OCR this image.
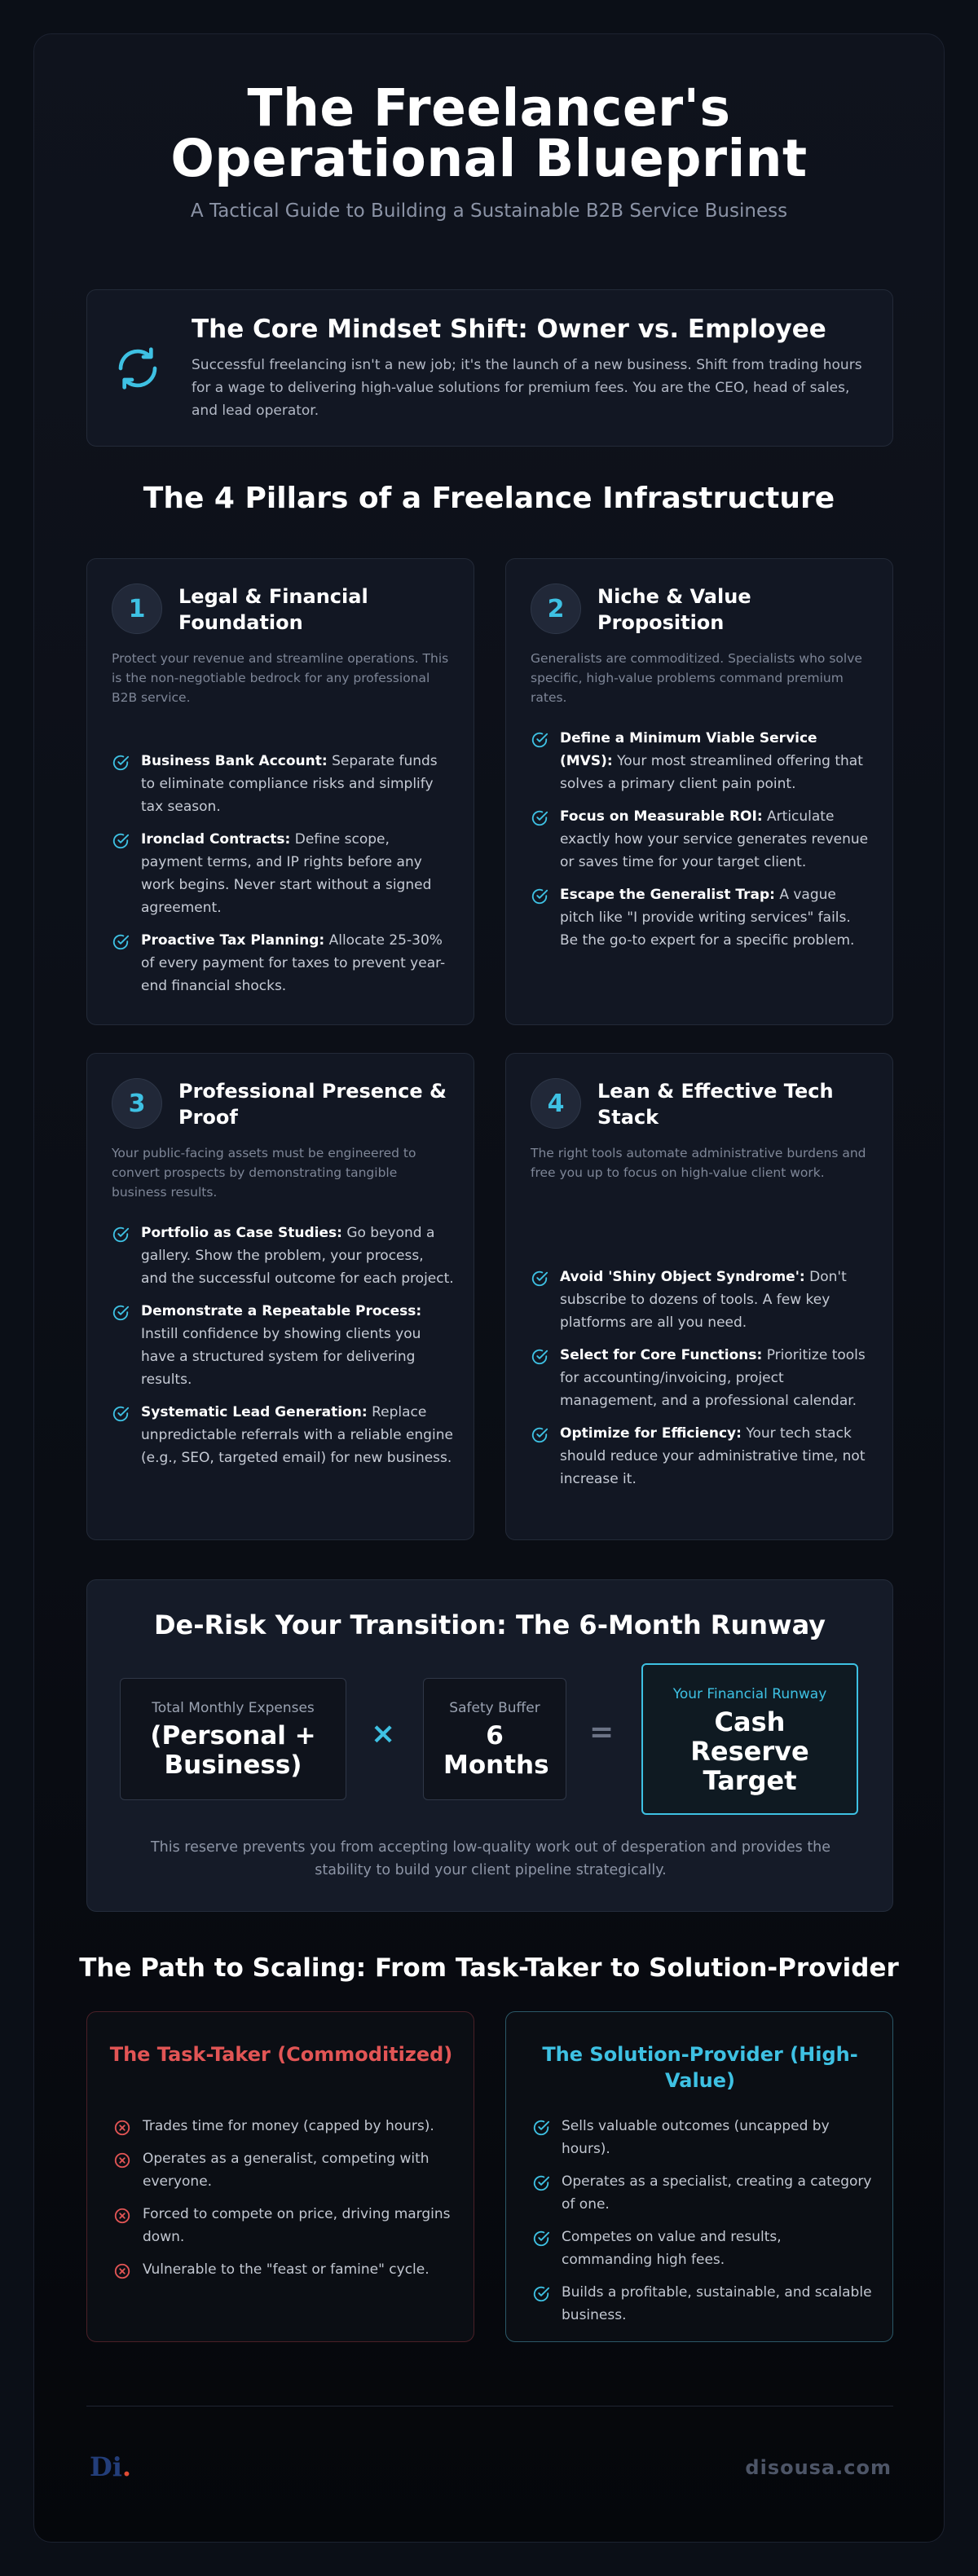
The Freelancer's Operational Blueprint
A Tactical Guide to Building a Sustainable B2B Service Business
The Core Mindset Shift: Owner vs. Employee

Successful freelancing isn't a new job; it's the launch of a new business. Shift from trading hours for a wage to delivering high-value solutions for premium fees. You are the CEO, head of sales, and lead operator.

The 4 Pillars of a Freelance Infrastructure
1	Legal & Financial Foundation
Protect your revenue and streamline operations. This is the non-negotiable bedrock for any professional B2B service.
Business Bank Account: Separate funds to eliminate compliance risks and simplify tax season.
Ironclad Contracts: Define scope, payment terms, and IP rights before any work begins. Never start without a signed agreement.
Proactive Tax Planning: Allocate 25-30% of every payment for taxes to prevent year-end financial shocks.
2	Niche & Value Proposition
Generalists are commoditized. Specialists who solve specific, high-value problems command premium rates.
Define a Minimum Viable Service (MVS): Your most streamlined offering that solves a primary client pain point.
Focus on Measurable ROI: Articulate exactly how your service generates revenue or saves time for your target client.
Escape the Generalist Trap: A vague pitch like "I provide writing services" fails. Be the go-to expert for a specific problem.
3	Professional Presence & Proof
Your public-facing assets must be engineered to convert prospects by demonstrating tangible business results.
Portfolio as Case Studies: Go beyond a gallery. Show the problem, your process, and the successful outcome for each project.
Demonstrate a Repeatable Process: Instill confidence by showing clients you have a structured system for delivering results.
Systematic Lead Generation: Replace unpredictable referrals with a reliable engine (e.g., SEO, targeted email) for new business.
4	Lean & Effective Tech Stack
The right tools automate administrative burdens and free you up to focus on high-value client work.
Avoid 'Shiny Object Syndrome': Don't subscribe to dozens of tools. A few key platforms are all you need.
Select for Core Functions: Prioritize tools for accounting/invoicing, project management, and a professional calendar.
Optimize for Efficiency: Your tech stack should reduce your administrative time, not increase it.
De-Risk Your Transition: The 6-Month Runway
Total Monthly Expenses
(Personal + Business)
×
Safety Buffer
6 Months
=
Your Financial Runway
Cash Reserve Target
This reserve prevents you from accepting low-quality work out of desperation and provides the stability to build your client pipeline strategically.
The Path to Scaling: From Task-Taker to Solution-Provider
The Task-Taker (Commoditized)
Trades time for money (capped by hours).
Operates as a generalist, competing with everyone.
Forced to compete on price, driving margins down.
Vulnerable to the "feast or famine" cycle.
The Solution-Provider (High-Value)
Sells valuable outcomes (uncapped by hours).
Operates as a specialist, creating a category of one.
Competes on value and results, commanding high fees.
Builds a profitable, sustainable, and scalable business.
Di.	disousa.com
